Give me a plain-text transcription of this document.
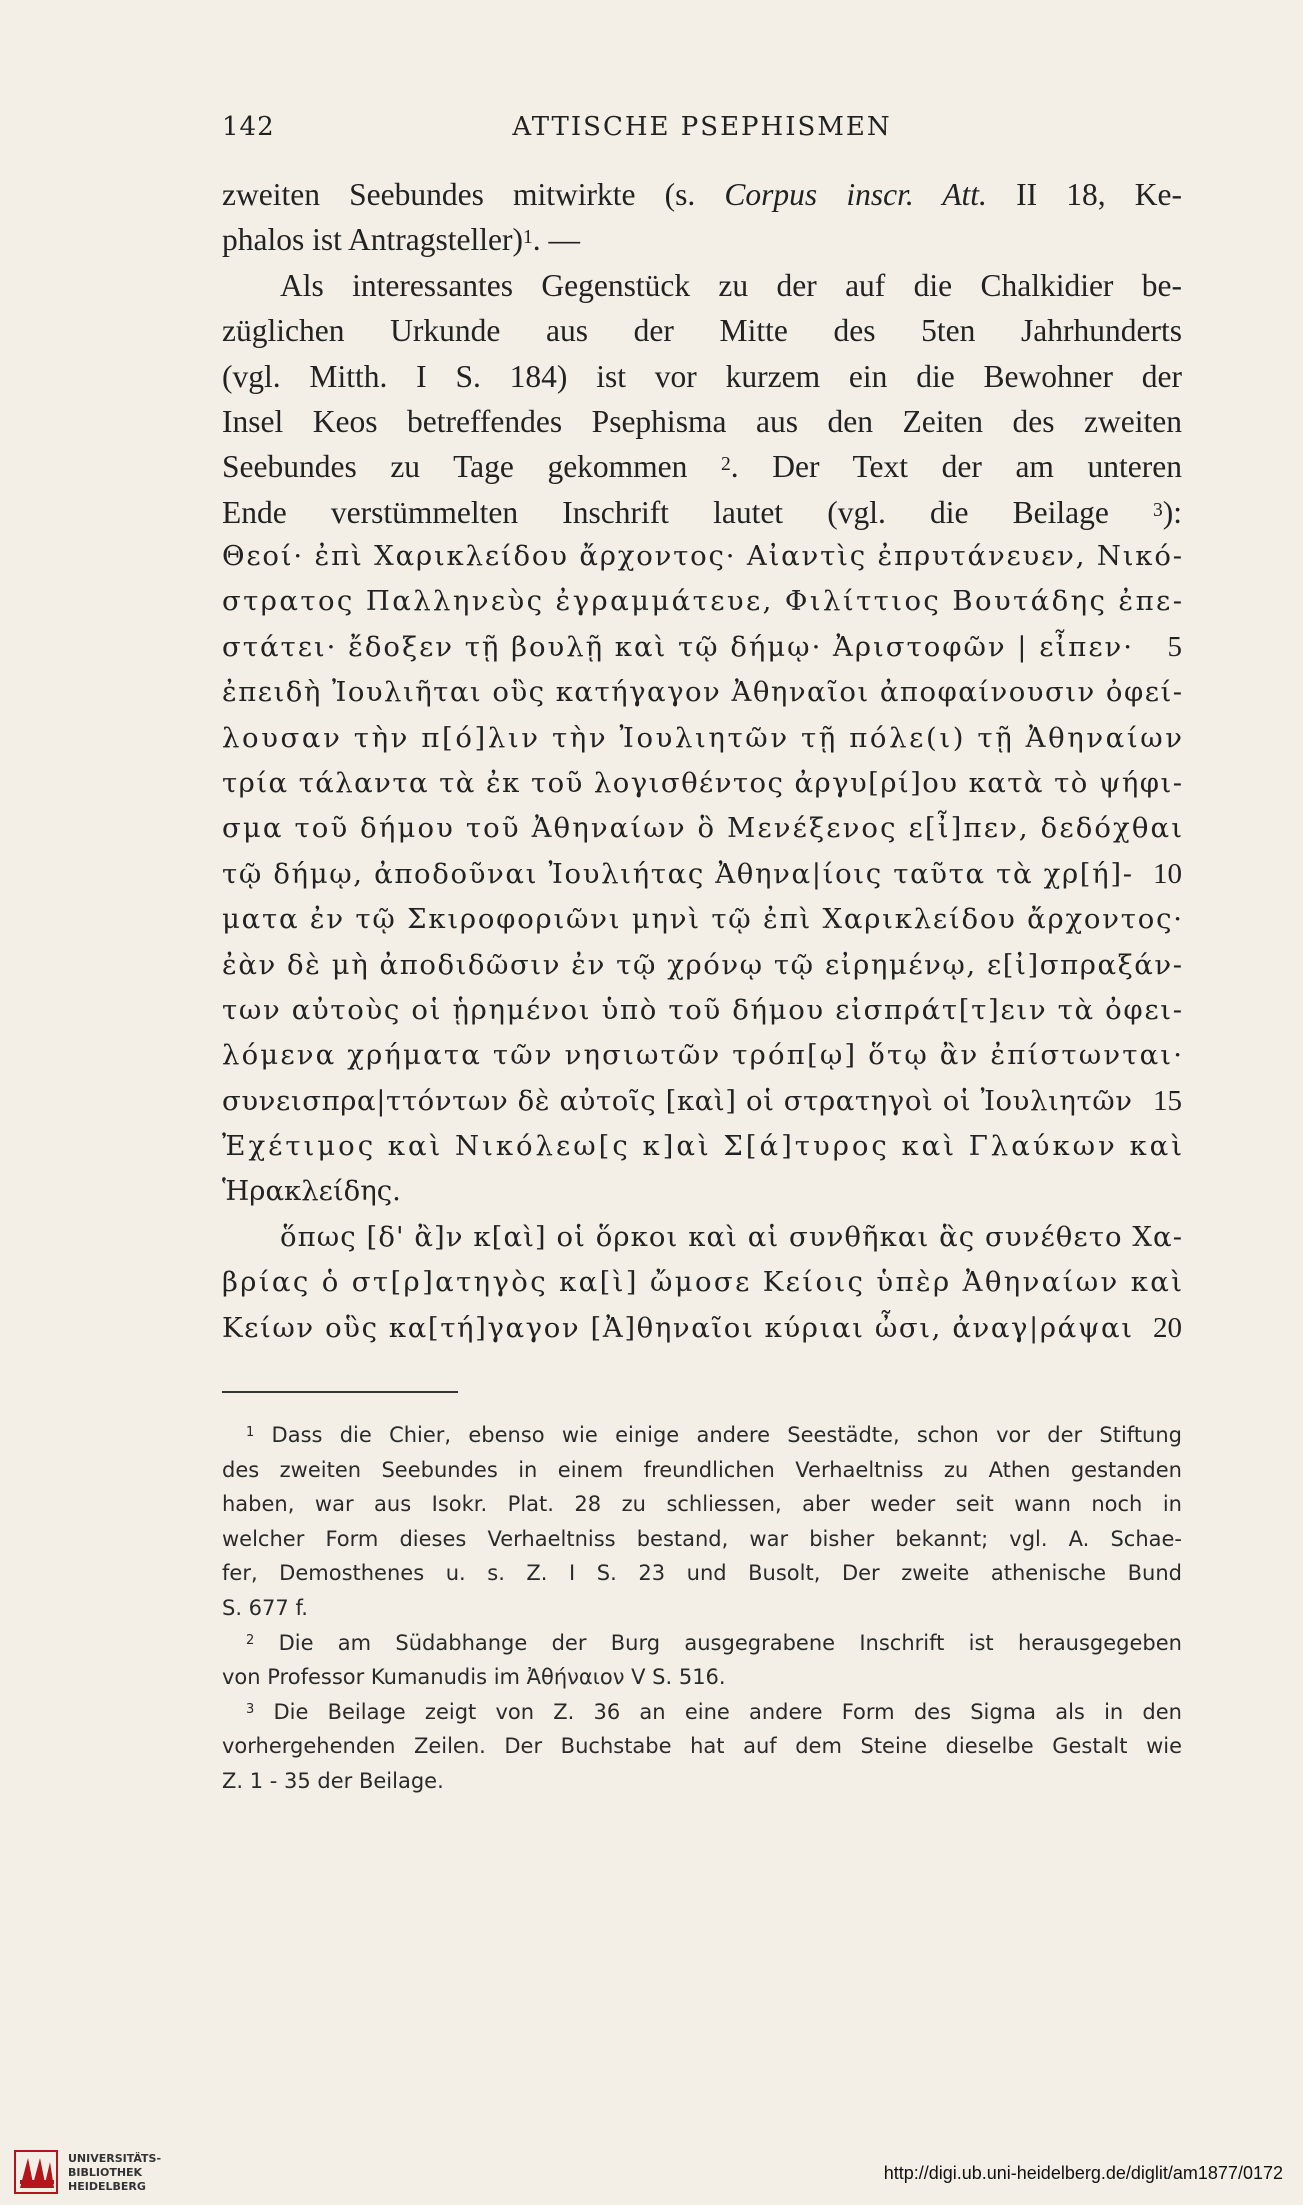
142	ATTISCHE PSEPHISMEN
zweiten Seebundes mitwirkte (s. Corpus inscr. Att. II 18, Ke-
phalos ist Antragsteller)$^1$. —
Als interessantes Gegenstück zu der auf die Chalkidier be-
züglichen Urkunde aus der Mitte des 5ten Jahrhunderts
(vgl. Mitth. I S. 184) ist vor kurzem ein die Bewohner der
Insel Keos betreffendes Psephisma aus den Zeiten des zweiten
Seebundes zu Tage gekommen $^2$. Der Text der am unteren
Ende verstümmelten Inschrift lautet (vgl. die Beilage $^3$):
Θεοί· ἐπὶ Χαρικλείδου ἄρχοντος· Αἰαντὶς ἐπρυτάνευεν, Νικό-
στρατος Παλληνεὺς ἐγραμμάτευε, Φιλίττιος Βουτάδης ἐπε-
στάτει· ἔδοξεν τῇ βουλῇ καὶ τῷ δήμῳ· Ἀριστοφῶν | εἶπεν· 5
ἐπειδὴ Ἰουλιῆται οὓς κατήγαγον Ἀθηναῖοι ἀποφαίνουσιν ὀφεί-
λουσαν τὴν π[ό]λιν τὴν Ἰουλιητῶν τῇ πόλε(ι) τῇ Ἀθηναίων
τρία τάλαντα τὰ ἐκ τοῦ λογισθέντος ἀργυ[ρί]ου κατὰ τὸ ψήφι-
σμα τοῦ δήμου τοῦ Ἀθηναίων ὃ Μενέξενος ε[ἶ]πεν, δεδόχθαι
τῷ δήμῳ, ἀποδοῦναι Ἰουλιήτας Ἀθηνα|ίοις ταῦτα τὰ χρ[ή]- 10
ματα ἐν τῷ Σκιροφοριῶνι μηνὶ τῷ ἐπὶ Χαρικλείδου ἄρχοντος·
ἐὰν δὲ μὴ ἀποδιδῶσιν ἐν τῷ χρόνῳ τῷ εἰρημένῳ, ε[ἰ]σπραξάν-
των αὐτοὺς οἱ ᾑρημένοι ὑπὸ τοῦ δήμου εἰσπράτ[τ]ειν τὰ ὀφει-
λόμενα χρήματα τῶν νησιωτῶν τρόπ[ῳ] ὅτῳ ἂν ἐπίστωνται·
συνεισπρα|ττόντων δὲ αὐτοῖς [καὶ] οἱ στρατηγοὶ οἱ Ἰουλιητῶν 15
Ἐχέτιμος καὶ Νικόλεω[ς κ]αὶ Σ[ά]τυρος καὶ Γλαύκων καὶ
Ἡρακλείδης.
ὅπως [δ' ἂ]ν κ[αὶ] οἱ ὅρκοι καὶ αἱ συνθῆκαι ἃς συνέθετο Χα-
βρίας ὁ στ[ρ]ατηγὸς κα[ὶ] ὤμοσε Κείοις ὑπὲρ Ἀθηναίων καὶ
Κείων οὓς κα[τή]γαγον [Ἀ]θηναῖοι κύριαι ὦσι, ἀναγ|ράψαι 20
$^1$ Dass die Chier, ebenso wie einige andere Seestädte, schon vor der Stiftung
des zweiten Seebundes in einem freundlichen Verhaeltniss zu Athen gestanden
haben, war aus Isokr. Plat. 28 zu schliessen, aber weder seit wann noch in
welcher Form dieses Verhaeltniss bestand, war bisher bekannt; vgl. A. Schae-
fer, Demosthenes u. s. Z. I S. 23 und Busolt, Der zweite athenische Bund
S. 677 f.
$^2$ Die am Südabhange der Burg ausgegrabene Inschrift ist herausgegeben
von Professor Kumanudis im Ἀθήναιον V S. 516.
$^3$ Die Beilage zeigt von Z. 36 an eine andere Form des Sigma als in den
vorhergehenden Zeilen. Der Buchstabe hat auf dem Steine dieselbe Gestalt wie
Z. 1 - 35 der Beilage.
UNIVERSITÄTS-
BIBLIOTHEK
HEIDELBERG
http://digi.ub.uni-heidelberg.de/diglit/am1877/0172
